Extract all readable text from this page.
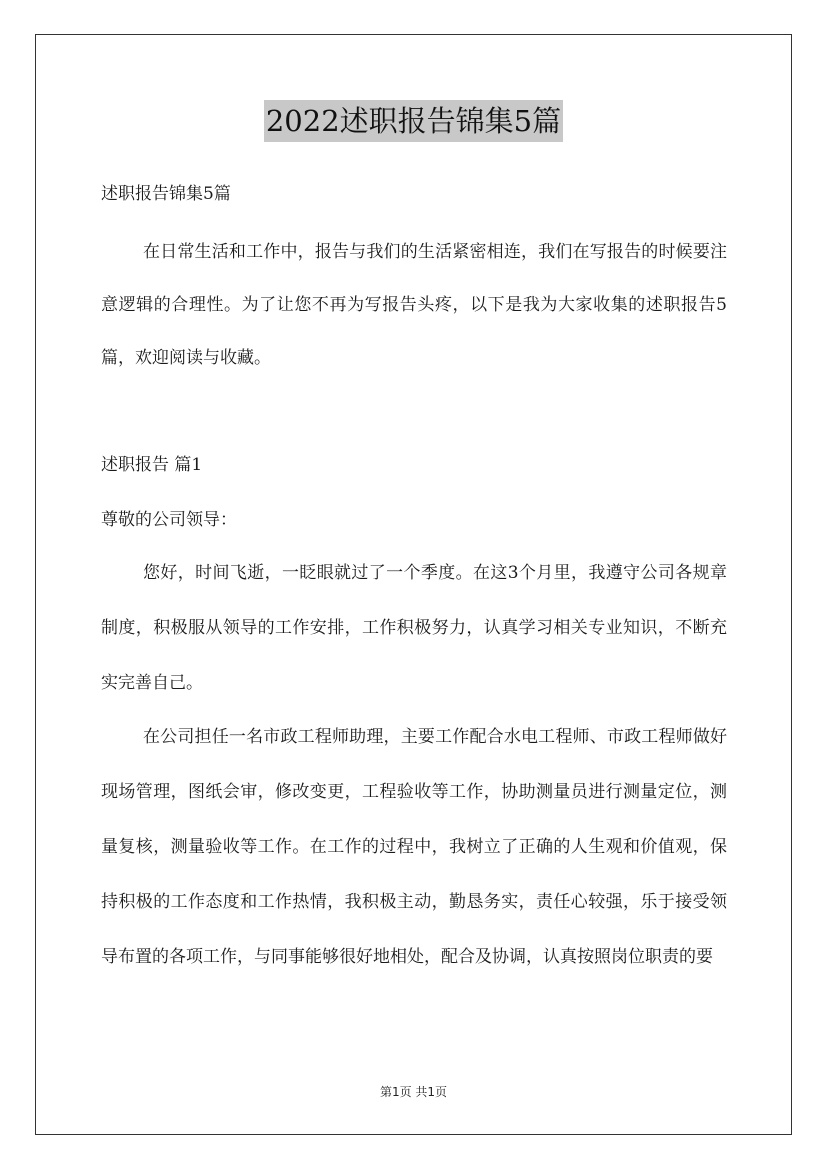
2022述职报告锦集5篇
述职报告锦集5篇
在日常生活和工作中，报告与我们的生活紧密相连，我们在写报告的时候要注意逻辑的合理性。为了让您不再为写报告头疼，以下是我为大家收集的述职报告5篇，欢迎阅读与收藏。
述职报告 篇1
尊敬的公司领导：
您好，时间飞逝，一眨眼就过了一个季度。在这3个月里，我遵守公司各规章制度，积极服从领导的工作安排，工作积极努力，认真学习相关专业知识，不断充实完善自己。
在公司担任一名市政工程师助理，主要工作配合水电工程师、市政工程师做好现场管理，图纸会审，修改变更，工程验收等工作，协助测量员进行测量定位，测量复核，测量验收等工作。在工作的过程中，我树立了正确的人生观和价值观，保持积极的工作态度和工作热情，我积极主动，勤恳务实，责任心较强，乐于接受领导布置的各项工作，与同事能够很好地相处，配合及协调，认真按照岗位职责的要
第1页 共1页
